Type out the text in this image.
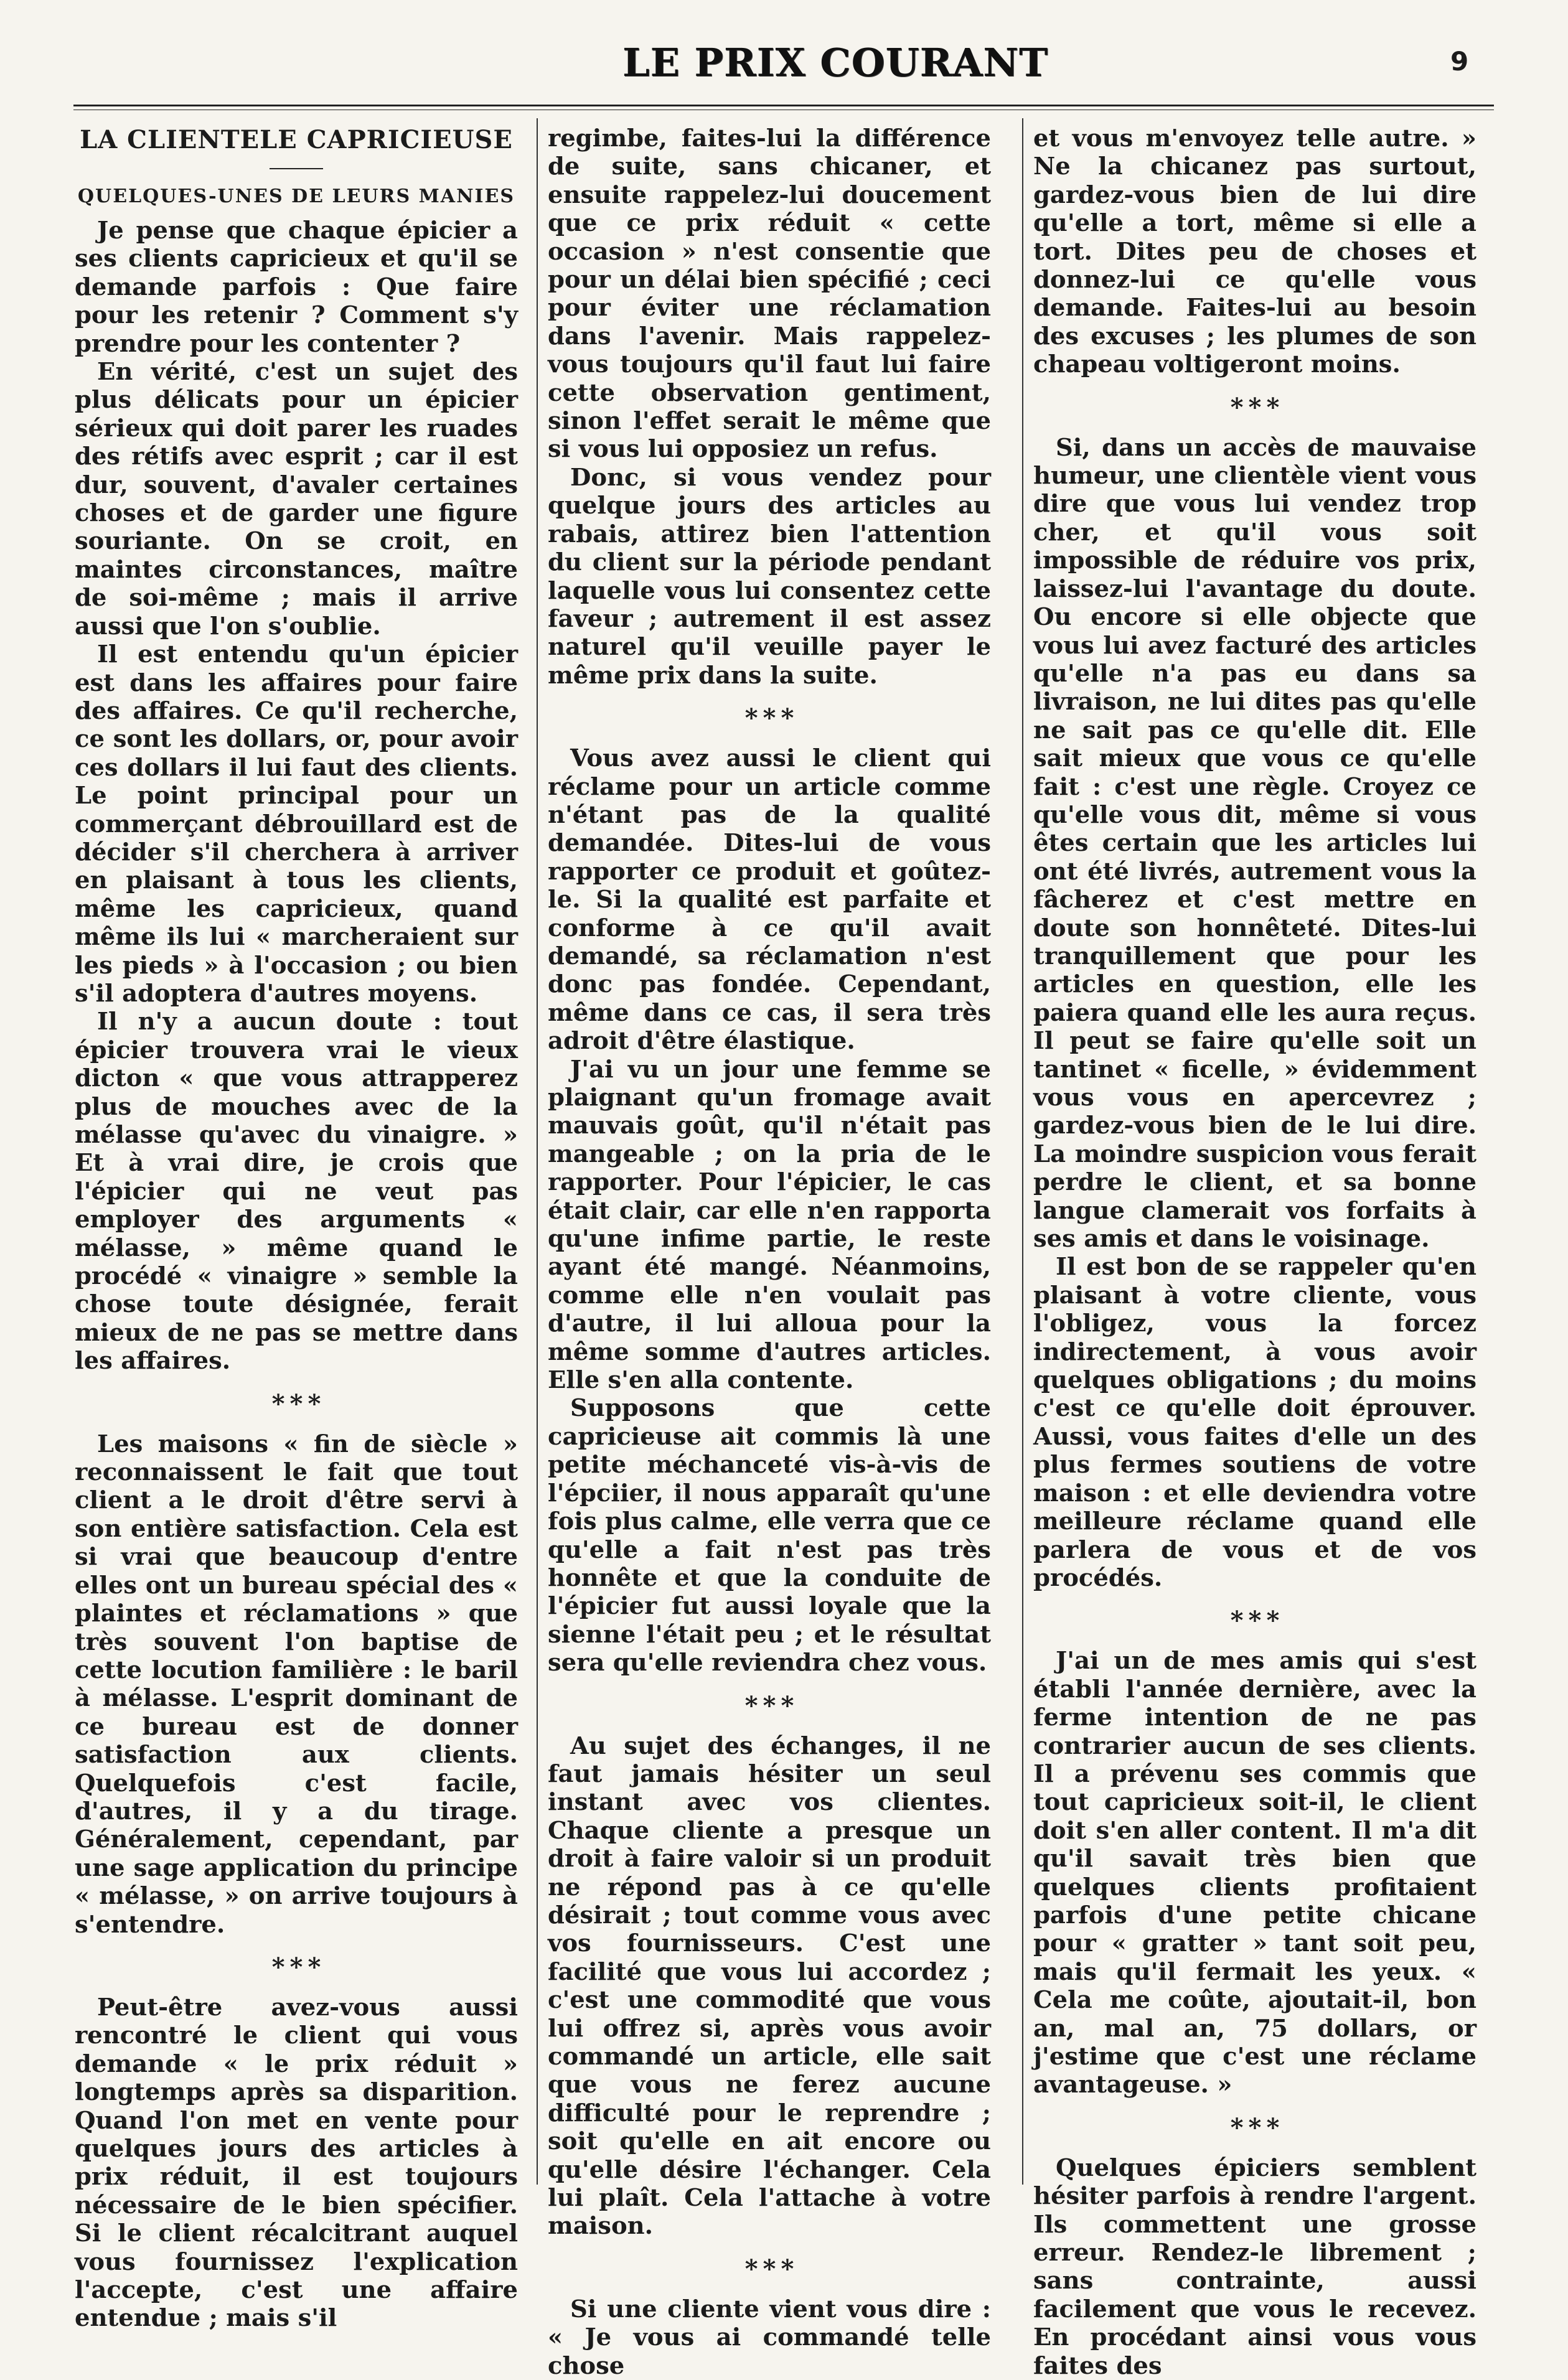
LE PRIX COURANT	9
LA CLIENTELE CAPRICIEUSE
QUELQUES-UNES DE LEURS MANIES

Je pense que chaque épicier a ses clients capricieux et qu'il se demande parfois : Que faire pour les retenir ? Comment s'y prendre pour les contenter ?

En vérité, c'est un sujet des plus délicats pour un épicier sérieux qui doit parer les ruades des rétifs avec esprit ; car il est dur, souvent, d'avaler certaines choses et de garder une figure souriante. On se croit, en maintes circonstances, maître de soi-même ; mais il arrive aussi que l'on s'oublie.

Il est entendu qu'un épicier est dans les affaires pour faire des affaires. Ce qu'il recherche, ce sont les dollars, or, pour avoir ces dollars il lui faut des clients. Le point principal pour un commerçant débrouillard est de décider s'il cherchera à arriver en plaisant à tous les clients, même les capricieux, quand même ils lui « marcheraient sur les pieds » à l'occasion ; ou bien s'il adoptera d'autres moyens.

Il n'y a aucun doute : tout épicier trouvera vrai le vieux dicton « que vous attrapperez plus de mouches avec de la mélasse qu'avec du vinaigre. » Et à vrai dire, je crois que l'épicier qui ne veut pas employer des arguments « mélasse, » même quand le procédé « vinaigre » semble la chose toute désignée, ferait mieux de ne pas se mettre dans les affaires.

* * *

Les maisons « fin de siècle » reconnaissent le fait que tout client a le droit d'être servi à son entière satisfaction. Cela est si vrai que beaucoup d'entre elles ont un bureau spécial des « plaintes et réclamations » que très souvent l'on baptise de cette locution familière : le baril à mélasse. L'esprit dominant de ce bureau est de donner satisfaction aux clients. Quelquefois c'est facile, d'autres, il y a du tirage. Généralement, cependant, par une sage application du principe « mélasse, » on arrive toujours à s'entendre.

* * *

Peut-être avez-vous aussi rencontré le client qui vous demande « le prix réduit » longtemps après sa disparition. Quand l'on met en vente pour quelques jours des articles à prix réduit, il est toujours nécessaire de le bien spécifier. Si le client récalcitrant auquel vous fournissez l'explication l'accepte, c'est une affaire entendue ; mais s'il

regimbe, faites-lui la différence de suite, sans chicaner, et ensuite rappelez-lui doucement que ce prix réduit « cette occasion » n'est consentie que pour un délai bien spécifié ; ceci pour éviter une réclamation dans l'avenir. Mais rappelez-vous toujours qu'il faut lui faire cette observation gentiment, sinon l'effet serait le même que si vous lui opposiez un refus.

Donc, si vous vendez pour quelque jours des articles au rabais, attirez bien l'attention du client sur la période pendant laquelle vous lui consentez cette faveur ; autrement il est assez naturel qu'il veuille payer le même prix dans la suite.

* * *

Vous avez aussi le client qui réclame pour un article comme n'étant pas de la qualité demandée. Dites-lui de vous rapporter ce produit et goûtez-le. Si la qualité est parfaite et conforme à ce qu'il avait demandé, sa réclamation n'est donc pas fondée. Cependant, même dans ce cas, il sera très adroit d'être élastique.

J'ai vu un jour une femme se plaignant qu'un fromage avait mauvais goût, qu'il n'était pas mangeable ; on la pria de le rapporter. Pour l'épicier, le cas était clair, car elle n'en rapporta qu'une infime partie, le reste ayant été mangé. Néanmoins, comme elle n'en voulait pas d'autre, il lui alloua pour la même somme d'autres articles. Elle s'en alla contente.

Supposons que cette capricieuse ait commis là une petite méchanceté vis-à-vis de l'épciier, il nous apparaît qu'une fois plus calme, elle verra que ce qu'elle a fait n'est pas très honnête et que la conduite de l'épicier fut aussi loyale que la sienne l'était peu ; et le résultat sera qu'elle reviendra chez vous.

* * *

Au sujet des échanges, il ne faut jamais hésiter un seul instant avec vos clientes. Chaque cliente a presque un droit à faire valoir si un produit ne répond pas à ce qu'elle désirait ; tout comme vous avec vos fournisseurs. C'est une facilité que vous lui accordez ; c'est une commodité que vous lui offrez si, après vous avoir commandé un article, elle sait que vous ne ferez aucune difficulté pour le reprendre ; soit qu'elle en ait encore ou qu'elle désire l'échanger. Cela lui plaît. Cela l'attache à votre maison.

* * *

Si une cliente vient vous dire : « Je vous ai commandé telle chose

et vous m'envoyez telle autre. » Ne la chicanez pas surtout, gardez-vous bien de lui dire qu'elle a tort, même si elle a tort. Dites peu de choses et donnez-lui ce qu'elle vous demande. Faites-lui au besoin des excuses ; les plumes de son chapeau voltigeront moins.

* * *

Si, dans un accès de mauvaise humeur, une clientèle vient vous dire que vous lui vendez trop cher, et qu'il vous soit impossible de réduire vos prix, laissez-lui l'avantage du doute. Ou encore si elle objecte que vous lui avez facturé des articles qu'elle n'a pas eu dans sa livraison, ne lui dites pas qu'elle ne sait pas ce qu'elle dit. Elle sait mieux que vous ce qu'elle fait : c'est une règle. Croyez ce qu'elle vous dit, même si vous êtes certain que les articles lui ont été livrés, autrement vous la fâcherez et c'est mettre en doute son honnêteté. Dites-lui tranquillement que pour les articles en question, elle les paiera quand elle les aura reçus. Il peut se faire qu'elle soit un tantinet « ficelle, » évidemment vous vous en apercevrez ; gardez-vous bien de le lui dire. La moindre suspicion vous ferait perdre le client, et sa bonne langue clamerait vos forfaits à ses amis et dans le voisinage.

Il est bon de se rappeler qu'en plaisant à votre cliente, vous l'obligez, vous la forcez indirectement, à vous avoir quelques obligations ; du moins c'est ce qu'elle doit éprouver. Aussi, vous faites d'elle un des plus fermes soutiens de votre maison : et elle deviendra votre meilleure réclame quand elle parlera de vous et de vos procédés.

* * *

J'ai un de mes amis qui s'est établi l'année dernière, avec la ferme intention de ne pas contrarier aucun de ses clients. Il a prévenu ses commis que tout capricieux soit-il, le client doit s'en aller content. Il m'a dit qu'il savait très bien que quelques clients profitaient parfois d'une petite chicane pour « gratter » tant soit peu, mais qu'il fermait les yeux. « Cela me coûte, ajoutait-il, bon an, mal an, 75 dollars, or j'estime que c'est une réclame avantageuse. »

* * *

Quelques épiciers semblent hésiter parfois à rendre l'argent. Ils commettent une grosse erreur. Rendez-le librement ; sans contrainte, aussi facilement que vous le recevez. En procédant ainsi vous vous faites des
